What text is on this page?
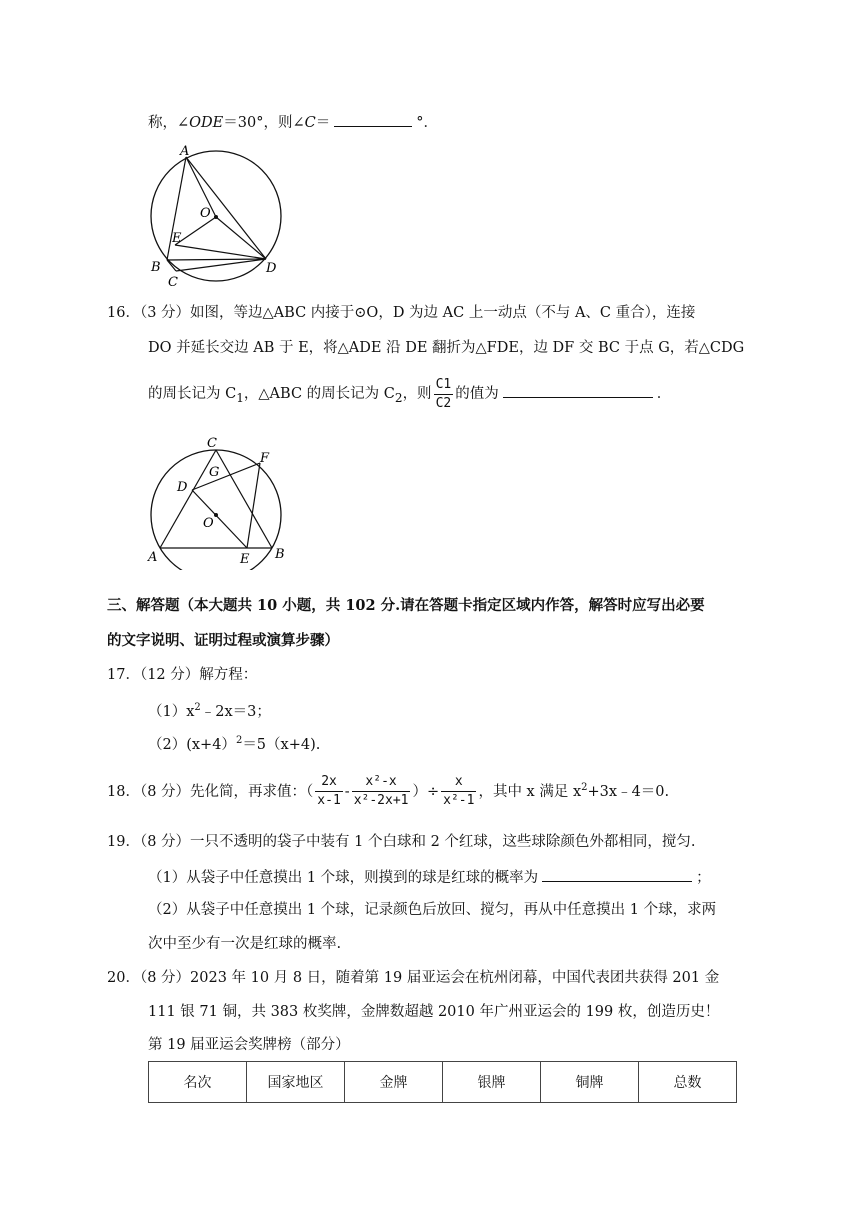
称，∠ODE＝30°，则∠C＝	°．
A
O
E
B
C
D
16．（3 分）如图，等边△ABC 内接于⊙O，D 为边 AC 上一动点（不与 A、C 重合），连接
DO 并延长交边 AB 于 E，将△ADE 沿 DE 翻折为△FDE，边 DF 交 BC 于点 G，若△CDG
的周长记为 $C_1$，△ABC 的周长记为 $C_2$，则 $\frac{C1}{C2}$ 的值为	．
C
F
G
D
O
A	E B
三、解答题（本大题共 10 小题，共 102 分.请在答题卡指定区域内作答，解答时应写出必要
的文字说明、证明过程或演算步骤）
17．（12 分）解方程：
$(1)x^2﹣2x=3$；
（2）(x+4）$^2$＝5（x+4).
18．（8 分）先化简，再求值：（ $\frac{2x}{x-1} - \frac{\text{x²-x}}{\text{x²-2x+1}}$ ）÷ $\frac{x}{\text{x²-1}}$ ，其中 x 满足 $x^2+3x﹣4=0$.
19．（8 分）一只不透明的袋子中装有 1 个白球和 2 个红球，这些球除颜色外都相同，搅匀.
（1）从袋子中任意摸出 1 个球，则摸到的球是红球的概率为	；
（2）从袋子中任意摸出 1 个球，记录颜色后放回、搅匀，再从中任意摸出 1 个球，求两
次中至少有一次是红球的概率.
20．（8 分）2023 年 10 月 8 日，随着第 19 届亚运会在杭州闭幕，中国代表团共获得 201 金
111 银 71 铜，共 383 枚奖牌，金牌数超越 2010 年广州亚运会的 199 枚，创造历史！
第 19 届亚运会奖牌榜（部分）
名次	国家地区	金牌	银牌	铜牌	总数
